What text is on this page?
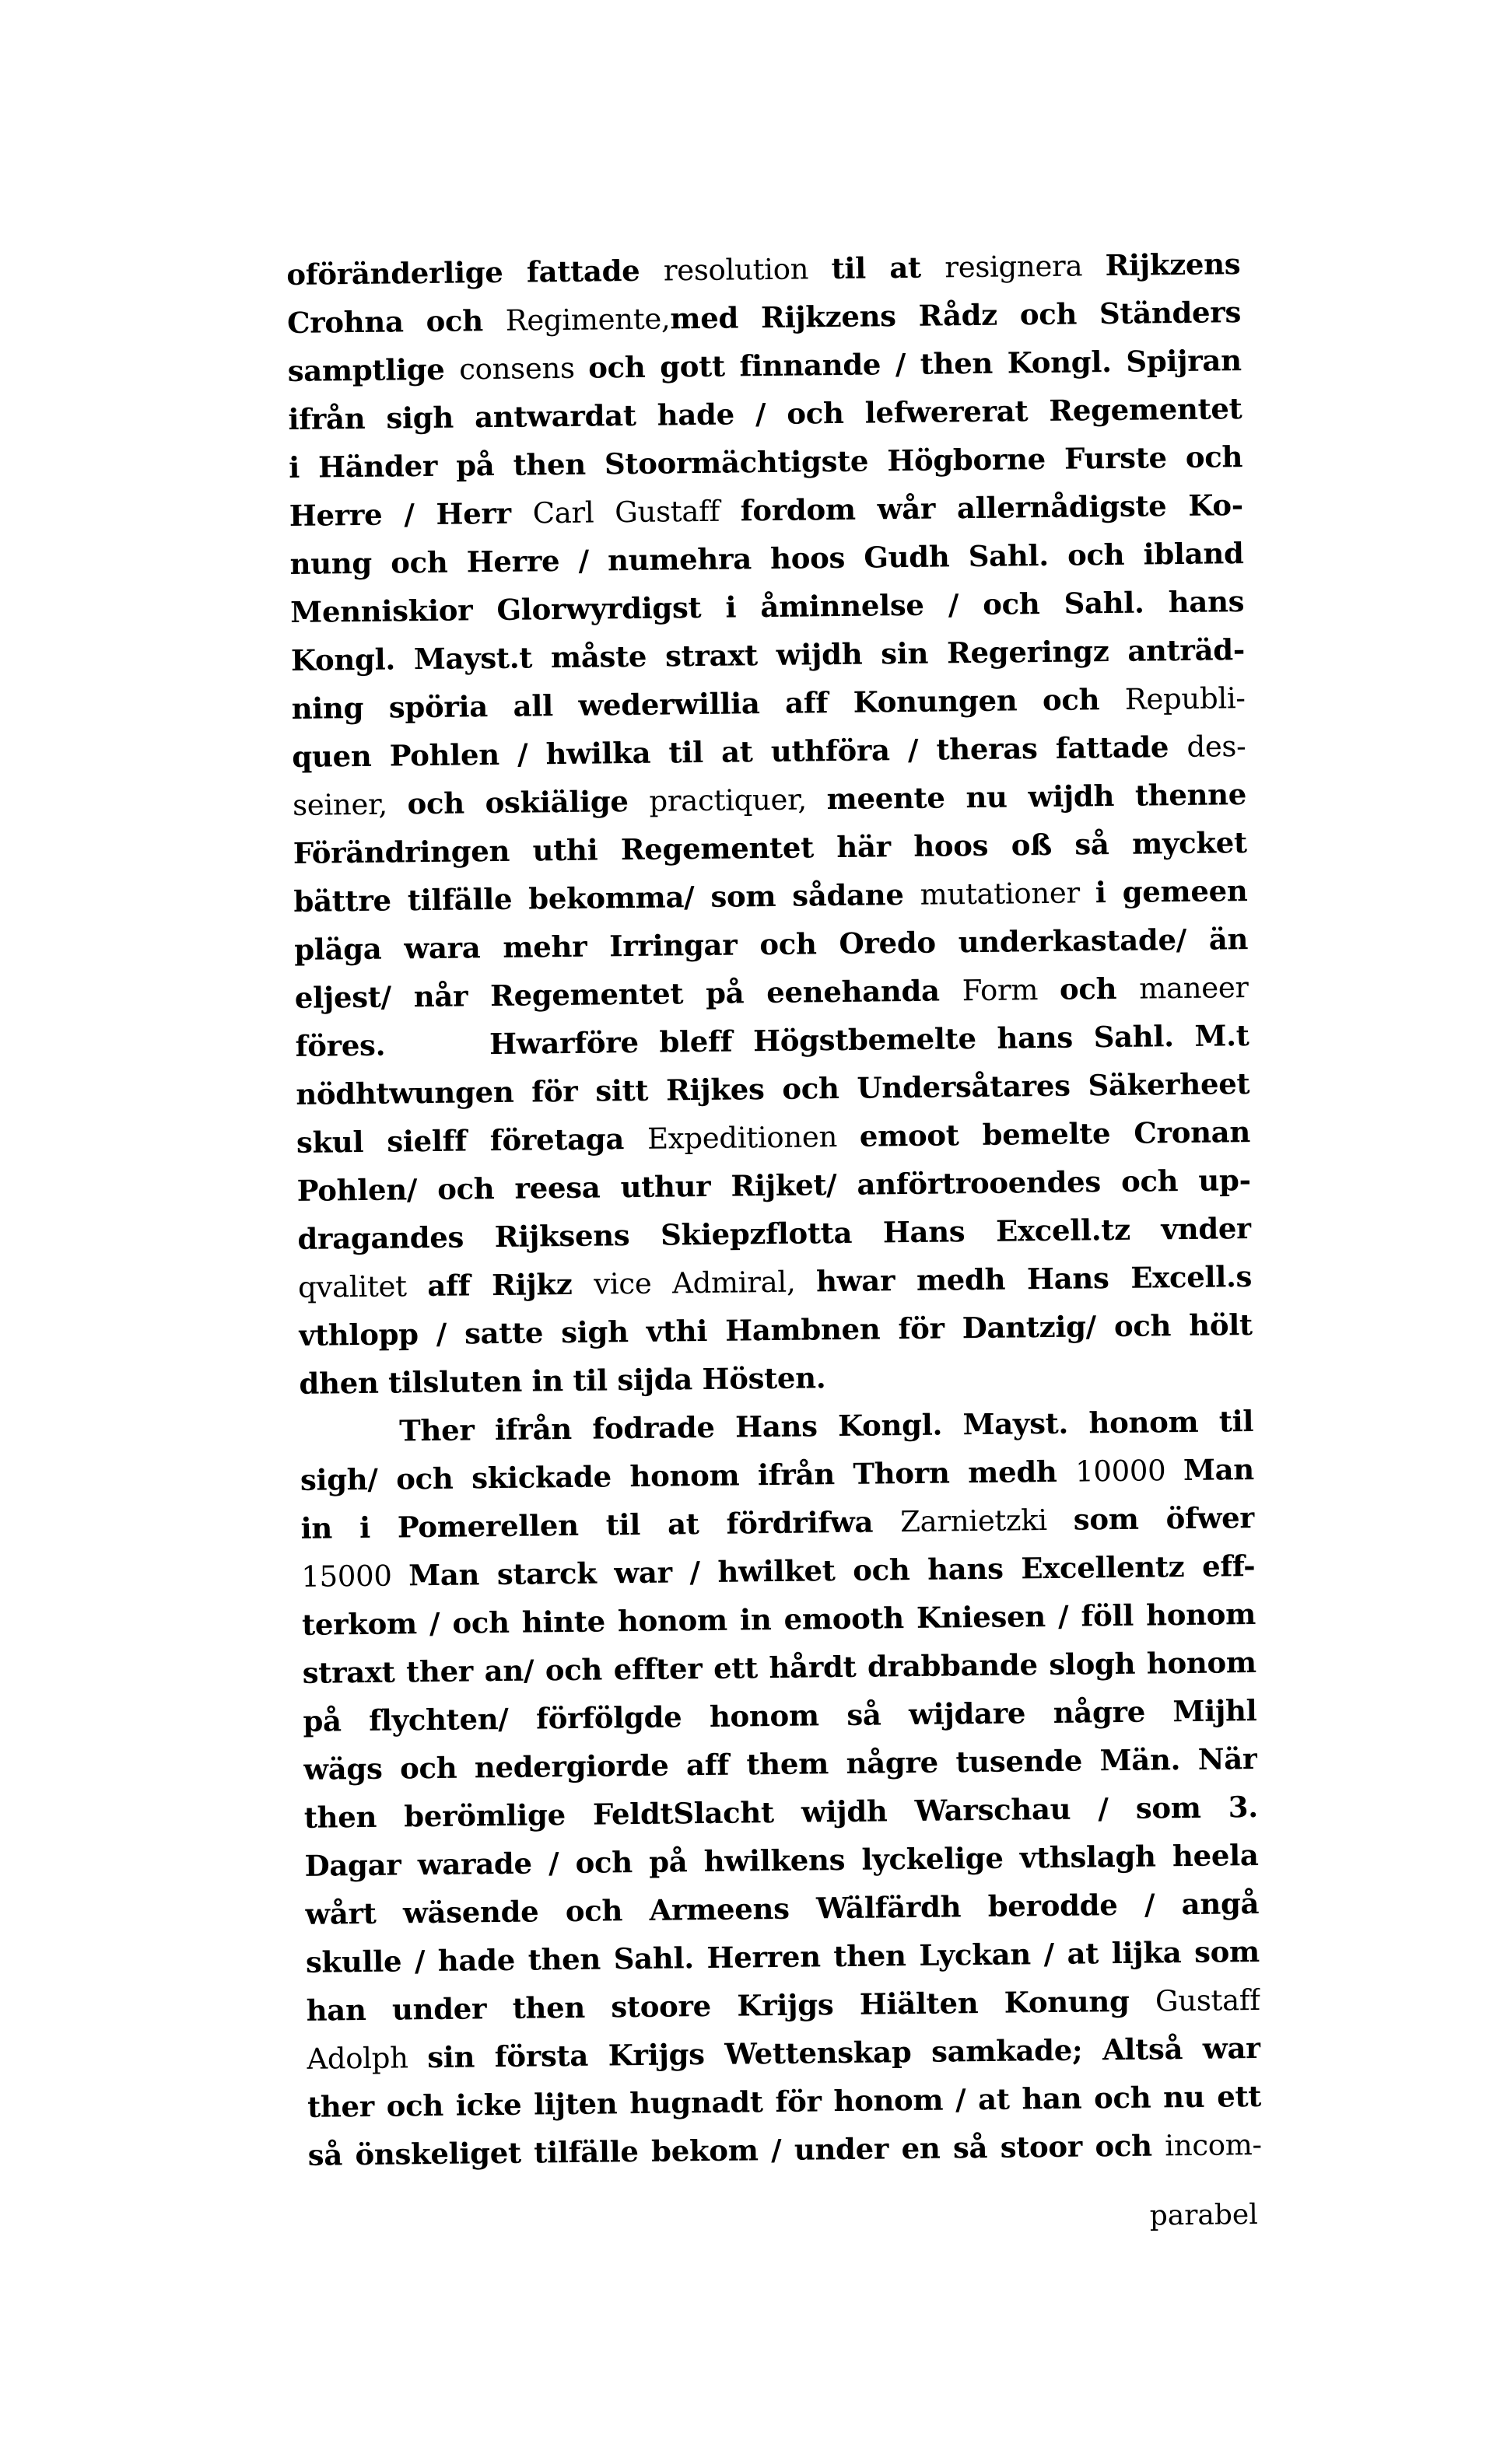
oföränderlige fattade resolution til at resignera Rijkzens
Crohna och Regimente,med Rijkzens Rådz och Ständers
samptlige consens och gott finnande / then Kongl. Spijran
ifrån sigh antwardat hade / och lefwererat Regementet
i Händer på then Stoormächtigste Högborne Furste och
Herre / Herr Carl Gustaff fordom wår allernådigste Ko-
nung och Herre / numehra hoos Gudh Sahl. och ibland
Menniskior Glorwyrdigst i åminnelse / och Sahl. hans
Kongl. Mayst.t måste straxt wijdh sin Regeringz anträd-
ning spöria all wederwillia aff Konungen och Republi-
quen Pohlen / hwilka til at uthföra / theras fattade des-
seiner, och oskiälige practiquer, meente nu wijdh thenne
Förändringen uthi Regementet här hoos oß så mycket
bättre tilfälle bekomma/ som sådane mutationer i gemeen
pläga wara mehr Irringar och Oredo underkastade/ än
eljest/ når Regementet på eenehanda Form och maneer
föres.     Hwarföre bleff Högstbemelte hans Sahl. M.t
nödhtwungen för sitt Rijkes och Undersåtares Säkerheet
skul sielff företaga Expeditionen emoot bemelte Cronan
Pohlen/ och reesa uthur Rijket/ anförtrooendes och up-
dragandes Rijksens Skiepzflotta Hans Excell.tz vnder
qvalitet aff Rijkz vice Admiral, hwar medh Hans Excell.s
vthlopp / satte sigh vthi Hambnen för Dantzig/ och hölt
dhen tilsluten in til sijda Hösten.
Ther ifrån fodrade Hans Kongl. Mayst. honom til
sigh/ och skickade honom ifrån Thorn medh 10000 Man
in i Pomerellen til at fördrifwa Zarnietzki som öfwer
15000 Man starck war / hwilket och hans Excellentz eff-
terkom / och hinte honom in emooth Kniesen / föll honom
straxt ther an/ och effter ett hårdt drabbande slogh honom
på flychten/ förfölgde honom så wijdare någre Mijhl
wägs och nedergiorde aff them någre tusende Män. När
then berömlige FeldtSlacht wijdh Warschau / som 3.
Dagar warade / och på hwilkens lyckelige vthslagh heela
wårt wäsende och Armeens Wälfärdh berodde / angå
skulle / hade then Sahl. Herren then Lyckan / at lijka som
han under then stoore Krijgs Hiälten Konung Gustaff
Adolph sin första Krijgs Wettenskap samkade; Altså war
ther och icke lijten hugnadt för honom / at han och nu ett
så önskeliget tilfälle bekom / under en så stoor och incom-
parabel
